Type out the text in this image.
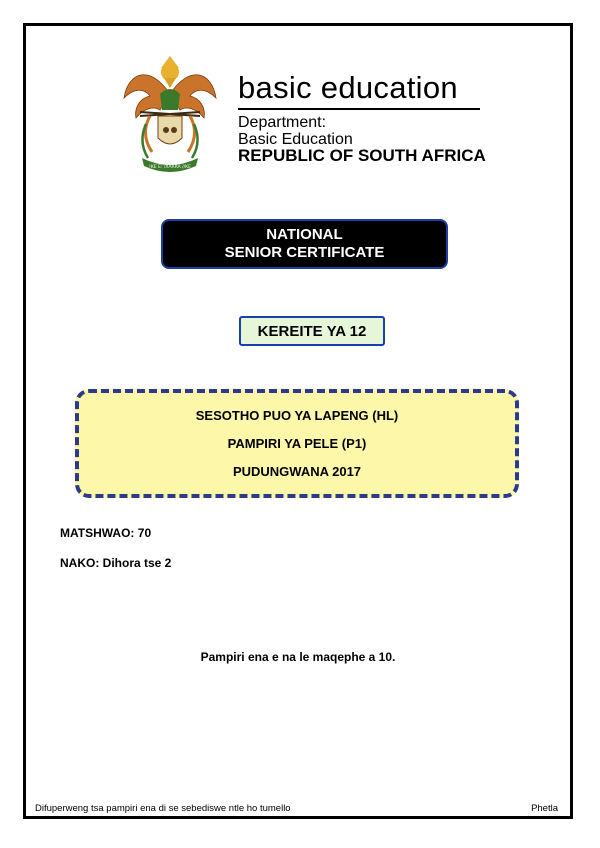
!KE E: /XARRA //KE
basic education
Department:
Basic Education
REPUBLIC OF SOUTH AFRICA
NATIONAL
SENIOR CERTIFICATE
KEREITE YA 12
SESOTHO PUO YA LAPENG (HL)
PAMPIRI YA PELE (P1)
PUDUNGWANA 2017
MATSHWAO: 70
NAKO: Dihora tse 2
Pampiri ena e na le maqephe a 10.
Difuperweng tsa pampiri ena di se sebediswe ntle ho tumello	Phetla
